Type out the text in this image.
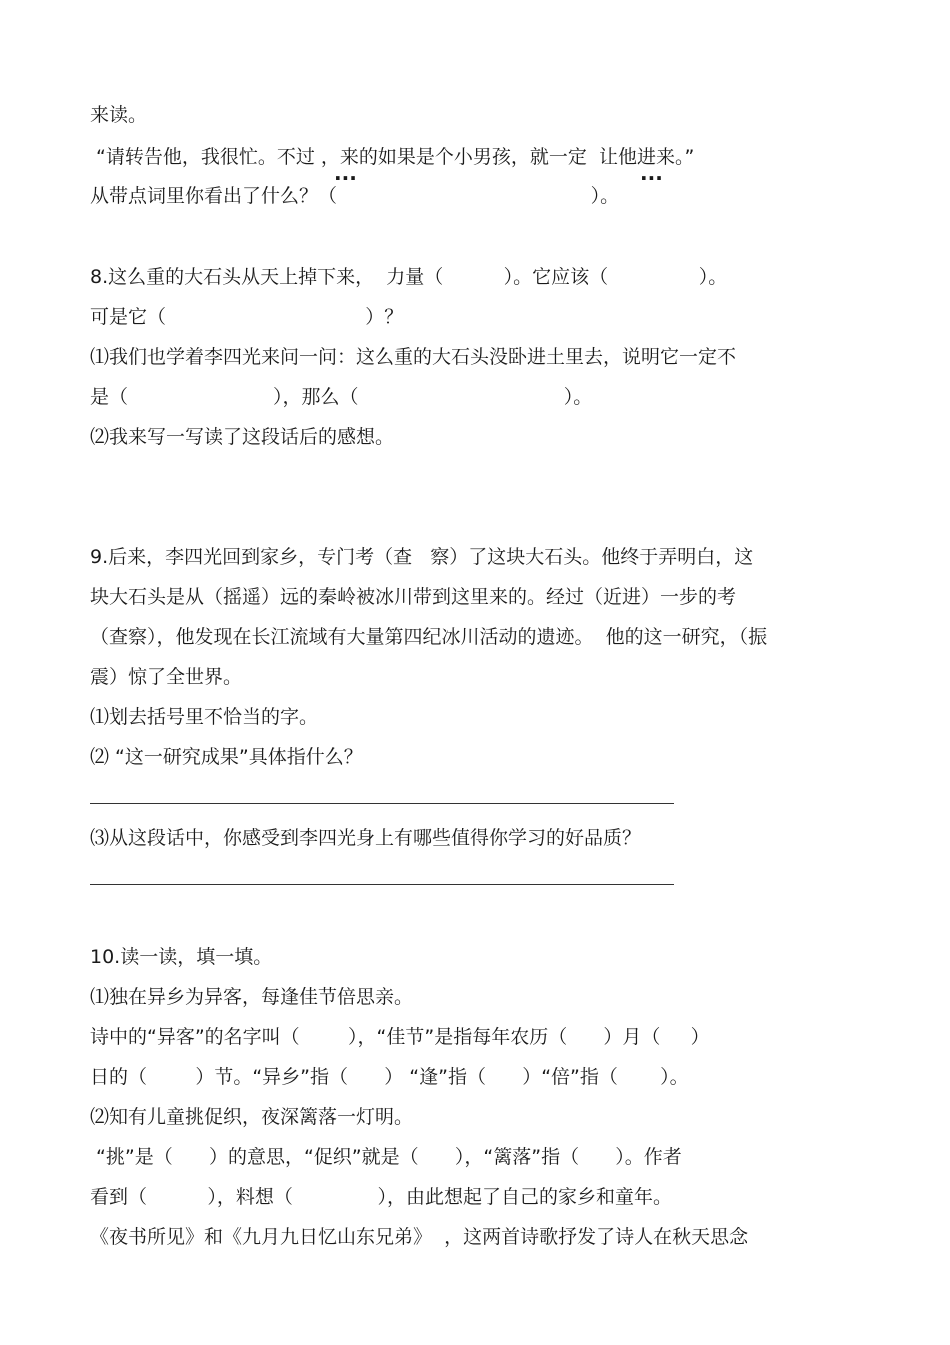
来读。
“请转告他，我很忙。不过 ，来的如果是个小男孩，就一定  让他进来。”
...	...
从带点词里你看出了什么？（                                          ）。
8.这么重的大石头从天上掉下来，  力量（          ）。它应该（               ）。
可是它（                                 ）？
⑴我们也学着李四光来问一问：这么重的大石头没卧进土里去，说明它一定不
是（                        ），那么（                                  ）。
⑵我来写一写读了这段话后的感想。
9.后来，李四光回到家乡，专门考（查   察）了这块大石头。他终于弄明白，这
块大石头是从（摇遥）远的秦岭被冰川带到这里来的。经过（近进）一步的考
（查察），他发现在长江流域有大量第四纪冰川活动的遗迹。  他的这一研究，（振
震）惊了全世界。
⑴划去括号里不恰当的字。
⑵ “这一研究成果”具体指什么？
⑶从这段话中，你感受到李四光身上有哪些值得你学习的好品质？
10.读一读，填一填。
⑴独在异乡为异客，每逢佳节倍思亲。
诗中的“异客”的名字叫（        ），“佳节”是指每年农历（      ）月（     ）
日的（        ）节。“异乡”指（      ） “逢”指（      ）“倍”指（       ）。
⑵知有儿童挑促织，夜深篱落一灯明。
“挑”是（      ）的意思，“促织”就是（      ），“篱落”指（      ）。作者
看到（          ），料想（              ），由此想起了自己的家乡和童年。
《夜书所见》和《九月九日忆山东兄弟》  ，这两首诗歌抒发了诗人在秋天思念
